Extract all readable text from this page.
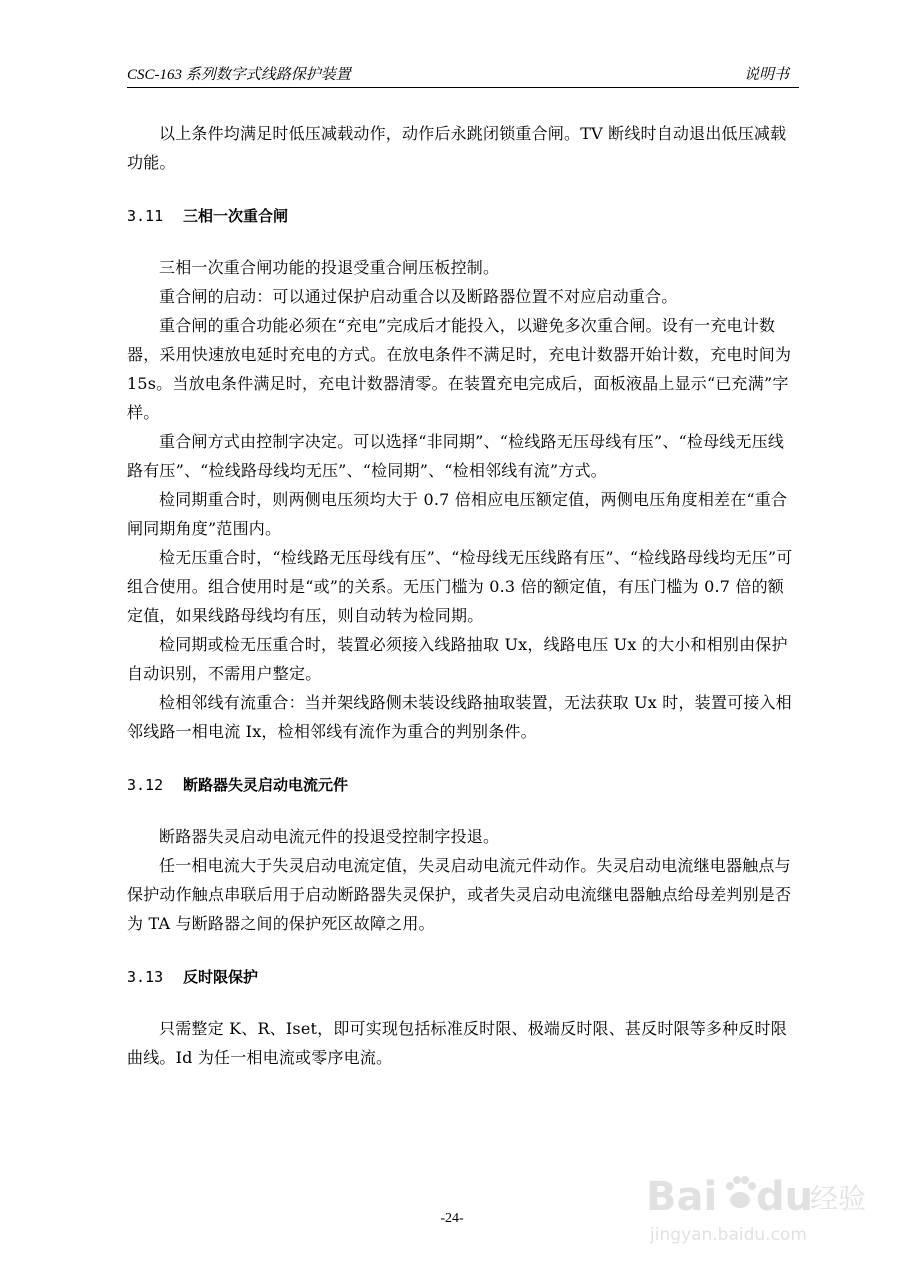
CSC-163 系列数字式线路保护装置	说明书

以上条件均满足时低压减载动作，动作后永跳闭锁重合闸。TV 断线时自动退出低压减载功能。

3.11 三相一次重合闸

三相一次重合闸功能的投退受重合闸压板控制。

重合闸的启动：可以通过保护启动重合以及断路器位置不对应启动重合。

重合闸的重合功能必须在“充电”完成后才能投入，以避免多次重合闸。设有一充电计数器，采用快速放电延时充电的方式。在放电条件不满足时，充电计数器开始计数，充电时间为 15s。当放电条件满足时，充电计数器清零。在装置充电完成后，面板液晶上显示“已充满”字样。

重合闸方式由控制字决定。可以选择“非同期”、“检线路无压母线有压”、“检母线无压线路有压”、“检线路母线均无压”、“检同期”、“检相邻线有流”方式。

检同期重合时，则两侧电压须均大于 0.7 倍相应电压额定值，两侧电压角度相差在“重合闸同期角度”范围内。

检无压重合时，“检线路无压母线有压”、“检母线无压线路有压”、“检线路母线均无压”可组合使用。组合使用时是“或”的关系。无压门槛为 0.3 倍的额定值，有压门槛为 0.7 倍的额定值，如果线路母线均有压，则自动转为检同期。

检同期或检无压重合时，装置必须接入线路抽取 Ux，线路电压 Ux 的大小和相别由保护自动识别，不需用户整定。

检相邻线有流重合：当并架线路侧未装设线路抽取装置，无法获取 Ux 时，装置可接入相邻线路一相电流 Ix，检相邻线有流作为重合的判别条件。

3.12 断路器失灵启动电流元件

断路器失灵启动电流元件的投退受控制字投退。

任一相电流大于失灵启动电流定值，失灵启动电流元件动作。失灵启动电流继电器触点与保护动作触点串联后用于启动断路器失灵保护，或者失灵启动电流继电器触点给母差判别是否为 TA 与断路器之间的保护死区故障之用。

3.13 反时限保护

只需整定 K、R、Iset，即可实现包括标准反时限、极端反时限、甚反时限等多种反时限曲线。Id 为任一相电流或零序电流。

-24-	Bai du
经验
jingyan.baidu.com
